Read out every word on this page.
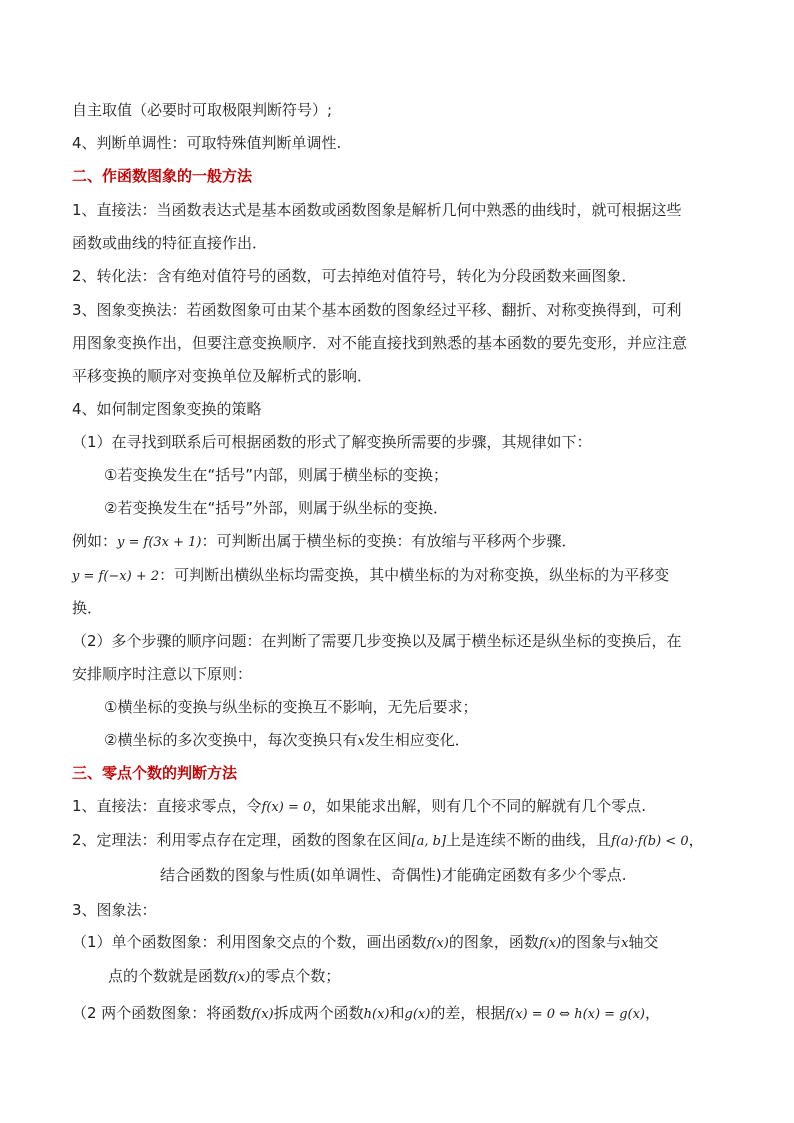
自主取值（必要时可取极限判断符号）;
4、判断单调性：可取特殊值判断单调性.
二、作函数图象的一般方法
1、直接法：当函数表达式是基本函数或函数图象是解析几何中熟悉的曲线时，就可根据这些
函数或曲线的特征直接作出．
2、转化法：含有绝对值符号的函数，可去掉绝对值符号，转化为分段函数来画图象．
3、图象变换法：若函数图象可由某个基本函数的图象经过平移、翻折、对称变换得到，可利
用图象变换作出，但要注意变换顺序．对不能直接找到熟悉的基本函数的要先变形，并应注意
平移变换的顺序对变换单位及解析式的影响．
4、如何制定图象变换的策略
（1）在寻找到联系后可根据函数的形式了解变换所需要的步骤，其规律如下：
①若变换发生在“括号”内部，则属于横坐标的变换；
②若变换发生在“括号”外部，则属于纵坐标的变换．
例如：y = f(3x + 1)：可判断出属于横坐标的变换：有放缩与平移两个步骤．
y = f(−x) + 2：可判断出横纵坐标均需变换，其中横坐标的为对称变换，纵坐标的为平移变
换．
（2）多个步骤的顺序问题：在判断了需要几步变换以及属于横坐标还是纵坐标的变换后，在
安排顺序时注意以下原则：
①横坐标的变换与纵坐标的变换互不影响，无先后要求；
②横坐标的多次变换中，每次变换只有x发生相应变化．
三、零点个数的判断方法
1、直接法：直接求零点，令f(x) = 0，如果能求出解，则有几个不同的解就有几个零点.
2、定理法：利用零点存在定理，函数的图象在区间[a, b]上是连续不断的曲线，且f(a)·f(b) < 0，
结合函数的图象与性质(如单调性、奇偶性)才能确定函数有多少个零点.
3、图象法：
（1）单个函数图象：利用图象交点的个数，画出函数f(x)的图象，函数f(x)的图象与x轴交
点的个数就是函数f(x)的零点个数；
（2 两个函数图象：将函数f(x)拆成两个函数h(x)和g(x)的差，根据f(x) = 0 ⇔ h(x) = g(x)，
